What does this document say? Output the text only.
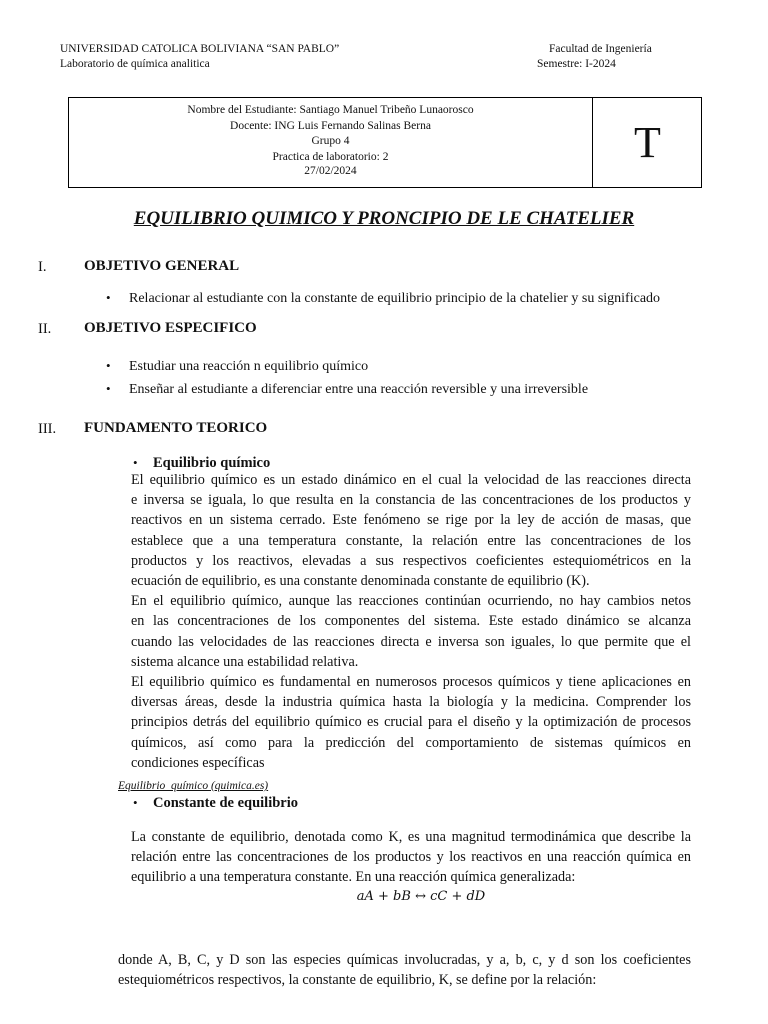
UNIVERSIDAD CATOLICA BOLIVIANA “SAN PABLO”
Laboratorio de química analitica
Facultad de Ingeniería
Semestre: I-2024
Nombre del Estudiante: Santiago Manuel Tribeño Lunaorosco
Docente: ING Luis Fernando Salinas Berna
Grupo 4
Practica de laboratorio: 2
27/02/2024
T
EQUILIBRIO QUIMICO Y PRONCIPIO DE LE CHATELIER
I.	OBJETIVO GENERAL
• Relacionar al estudiante con la constante de equilibrio principio de la chatelier y su significado
II. OBJETIVO ESPECIFICO
• Estudiar una reacción n equilibrio químico
• Enseñar al estudiante a diferenciar entre una reacción reversible y una irreversible
III. FUNDAMENTO TEORICO
• Equilibrio químico
El equilibrio químico es un estado dinámico en el cual la velocidad de las reacciones directa
e inversa se iguala, lo que resulta en la constancia de las concentraciones de los productos y
reactivos en un sistema cerrado. Este fenómeno se rige por la ley de acción de masas, que
establece que a una temperatura constante, la relación entre las concentraciones de los
productos y los reactivos, elevadas a sus respectivos coeficientes estequiométricos en la
ecuación de equilibrio, es una constante denominada constante de equilibrio (K).
En el equilibrio químico, aunque las reacciones continúan ocurriendo, no hay cambios netos
en las concentraciones de los componentes del sistema. Este estado dinámico se alcanza
cuando las velocidades de las reacciones directa e inversa son iguales, lo que permite que el
sistema alcance una estabilidad relativa.
El equilibrio químico es fundamental en numerosos procesos químicos y tiene aplicaciones en
diversas áreas, desde la industria química hasta la biología y la medicina. Comprender los
principios detrás del equilibrio químico es crucial para el diseño y la optimización de procesos
químicos, así como para la predicción del comportamiento de sistemas químicos en
condiciones específicas
Equilibrio_químico (quimica.es)
• Constante de equilibrio
La constante de equilibrio, denotada como K, es una magnitud termodinámica que describe la
relación entre las concentraciones de los productos y los reactivos en una reacción química en
equilibrio a una temperatura constante. En una reacción química generalizada:
aA + bB ↔ cC + dD
donde A, B, C, y D son las especies químicas involucradas, y a, b, c, y d son los coeficientes
estequiométricos respectivos, la constante de equilibrio, K, se define por la relación:
